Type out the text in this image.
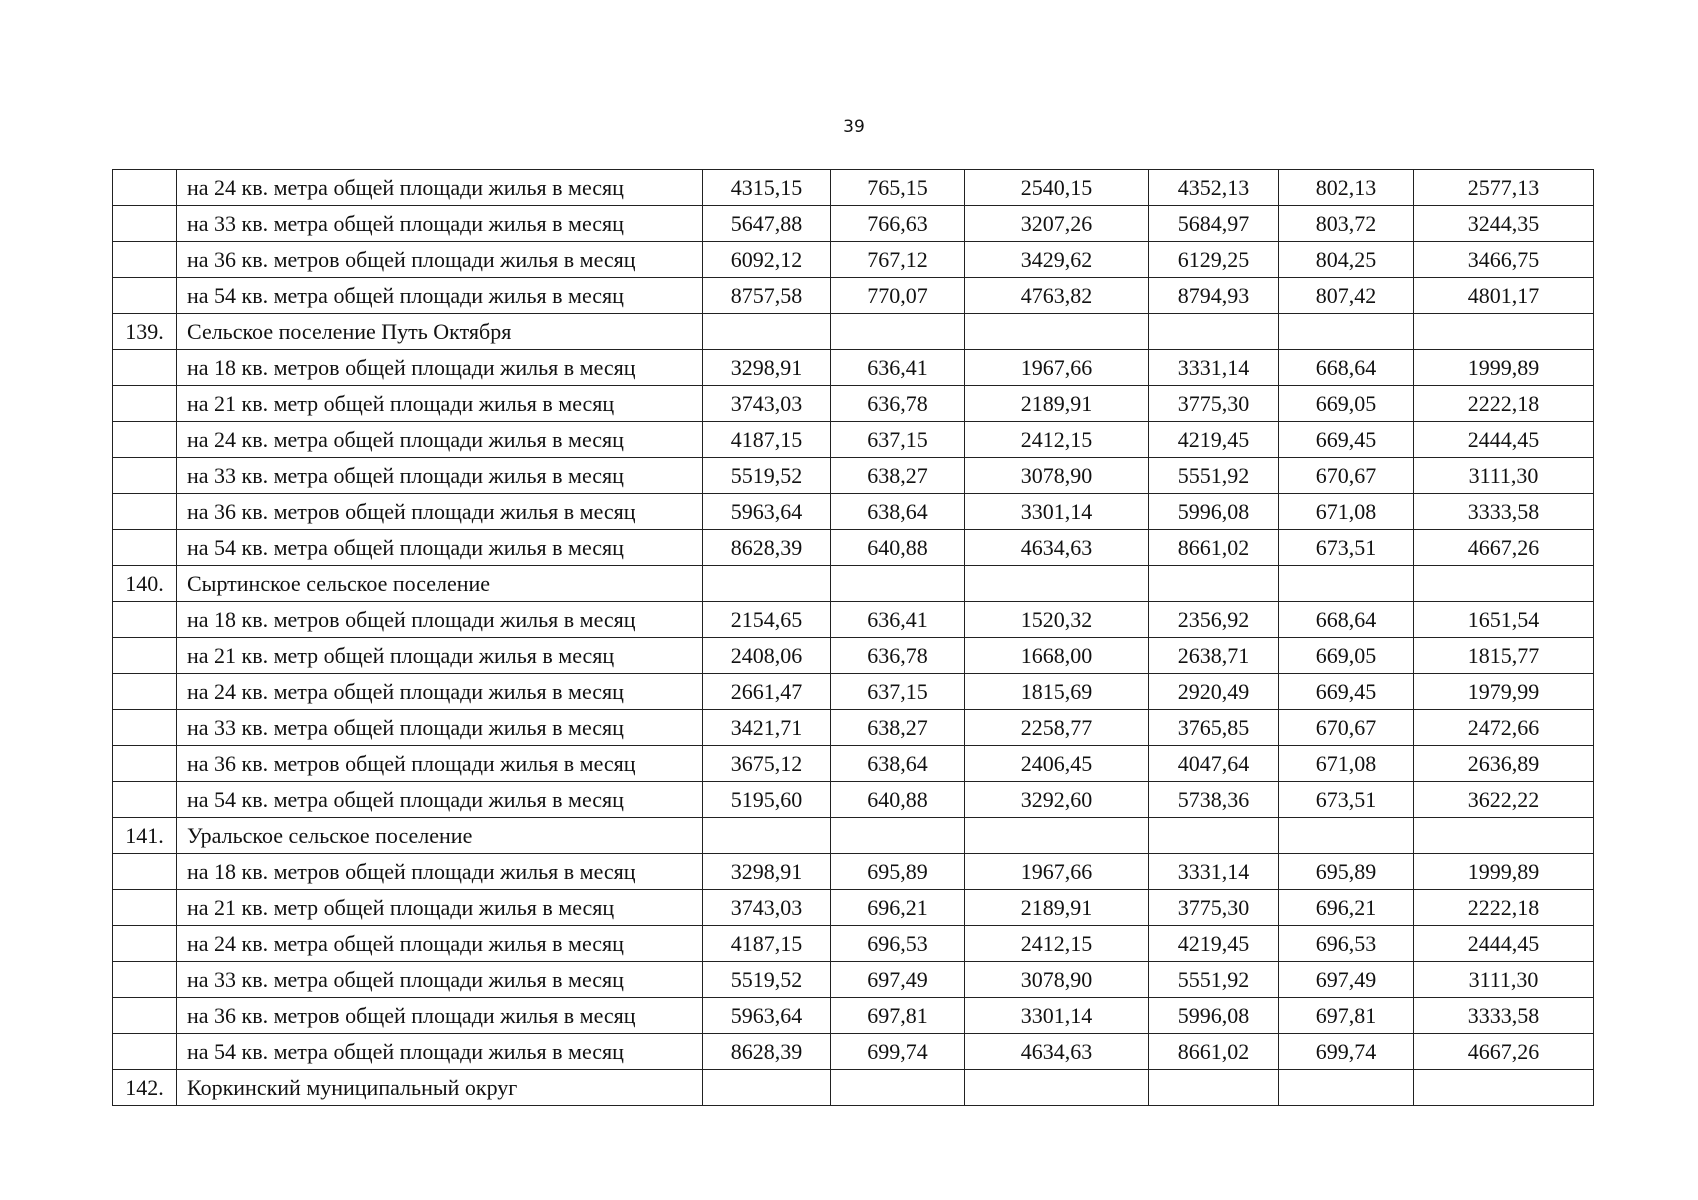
39
	на 24 кв. метра общей площади жилья в месяц	4315,15	765,15	2540,15	4352,13	802,13	2577,13
	на 33 кв. метра общей площади жилья в месяц	5647,88	766,63	3207,26	5684,97	803,72	3244,35
	на 36 кв. метров общей площади жилья в месяц	6092,12	767,12	3429,62	6129,25	804,25	3466,75
	на 54 кв. метра общей площади жилья в месяц	8757,58	770,07	4763,82	8794,93	807,42	4801,17
139.	Сельское поселение Путь Октября						
	на 18 кв. метров общей площади жилья в месяц	3298,91	636,41	1967,66	3331,14	668,64	1999,89
	на 21 кв. метр общей площади жилья в месяц	3743,03	636,78	2189,91	3775,30	669,05	2222,18
	на 24 кв. метра общей площади жилья в месяц	4187,15	637,15	2412,15	4219,45	669,45	2444,45
	на 33 кв. метра общей площади жилья в месяц	5519,52	638,27	3078,90	5551,92	670,67	3111,30
	на 36 кв. метров общей площади жилья в месяц	5963,64	638,64	3301,14	5996,08	671,08	3333,58
	на 54 кв. метра общей площади жилья в месяц	8628,39	640,88	4634,63	8661,02	673,51	4667,26
140.	Сыртинское сельское поселение						
	на 18 кв. метров общей площади жилья в месяц	2154,65	636,41	1520,32	2356,92	668,64	1651,54
	на 21 кв. метр общей площади жилья в месяц	2408,06	636,78	1668,00	2638,71	669,05	1815,77
	на 24 кв. метра общей площади жилья в месяц	2661,47	637,15	1815,69	2920,49	669,45	1979,99
	на 33 кв. метра общей площади жилья в месяц	3421,71	638,27	2258,77	3765,85	670,67	2472,66
	на 36 кв. метров общей площади жилья в месяц	3675,12	638,64	2406,45	4047,64	671,08	2636,89
	на 54 кв. метра общей площади жилья в месяц	5195,60	640,88	3292,60	5738,36	673,51	3622,22
141.	Уральское сельское поселение						
	на 18 кв. метров общей площади жилья в месяц	3298,91	695,89	1967,66	3331,14	695,89	1999,89
	на 21 кв. метр общей площади жилья в месяц	3743,03	696,21	2189,91	3775,30	696,21	2222,18
	на 24 кв. метра общей площади жилья в месяц	4187,15	696,53	2412,15	4219,45	696,53	2444,45
	на 33 кв. метра общей площади жилья в месяц	5519,52	697,49	3078,90	5551,92	697,49	3111,30
	на 36 кв. метров общей площади жилья в месяц	5963,64	697,81	3301,14	5996,08	697,81	3333,58
	на 54 кв. метра общей площади жилья в месяц	8628,39	699,74	4634,63	8661,02	699,74	4667,26
142.	Коркинский муниципальный округ						
